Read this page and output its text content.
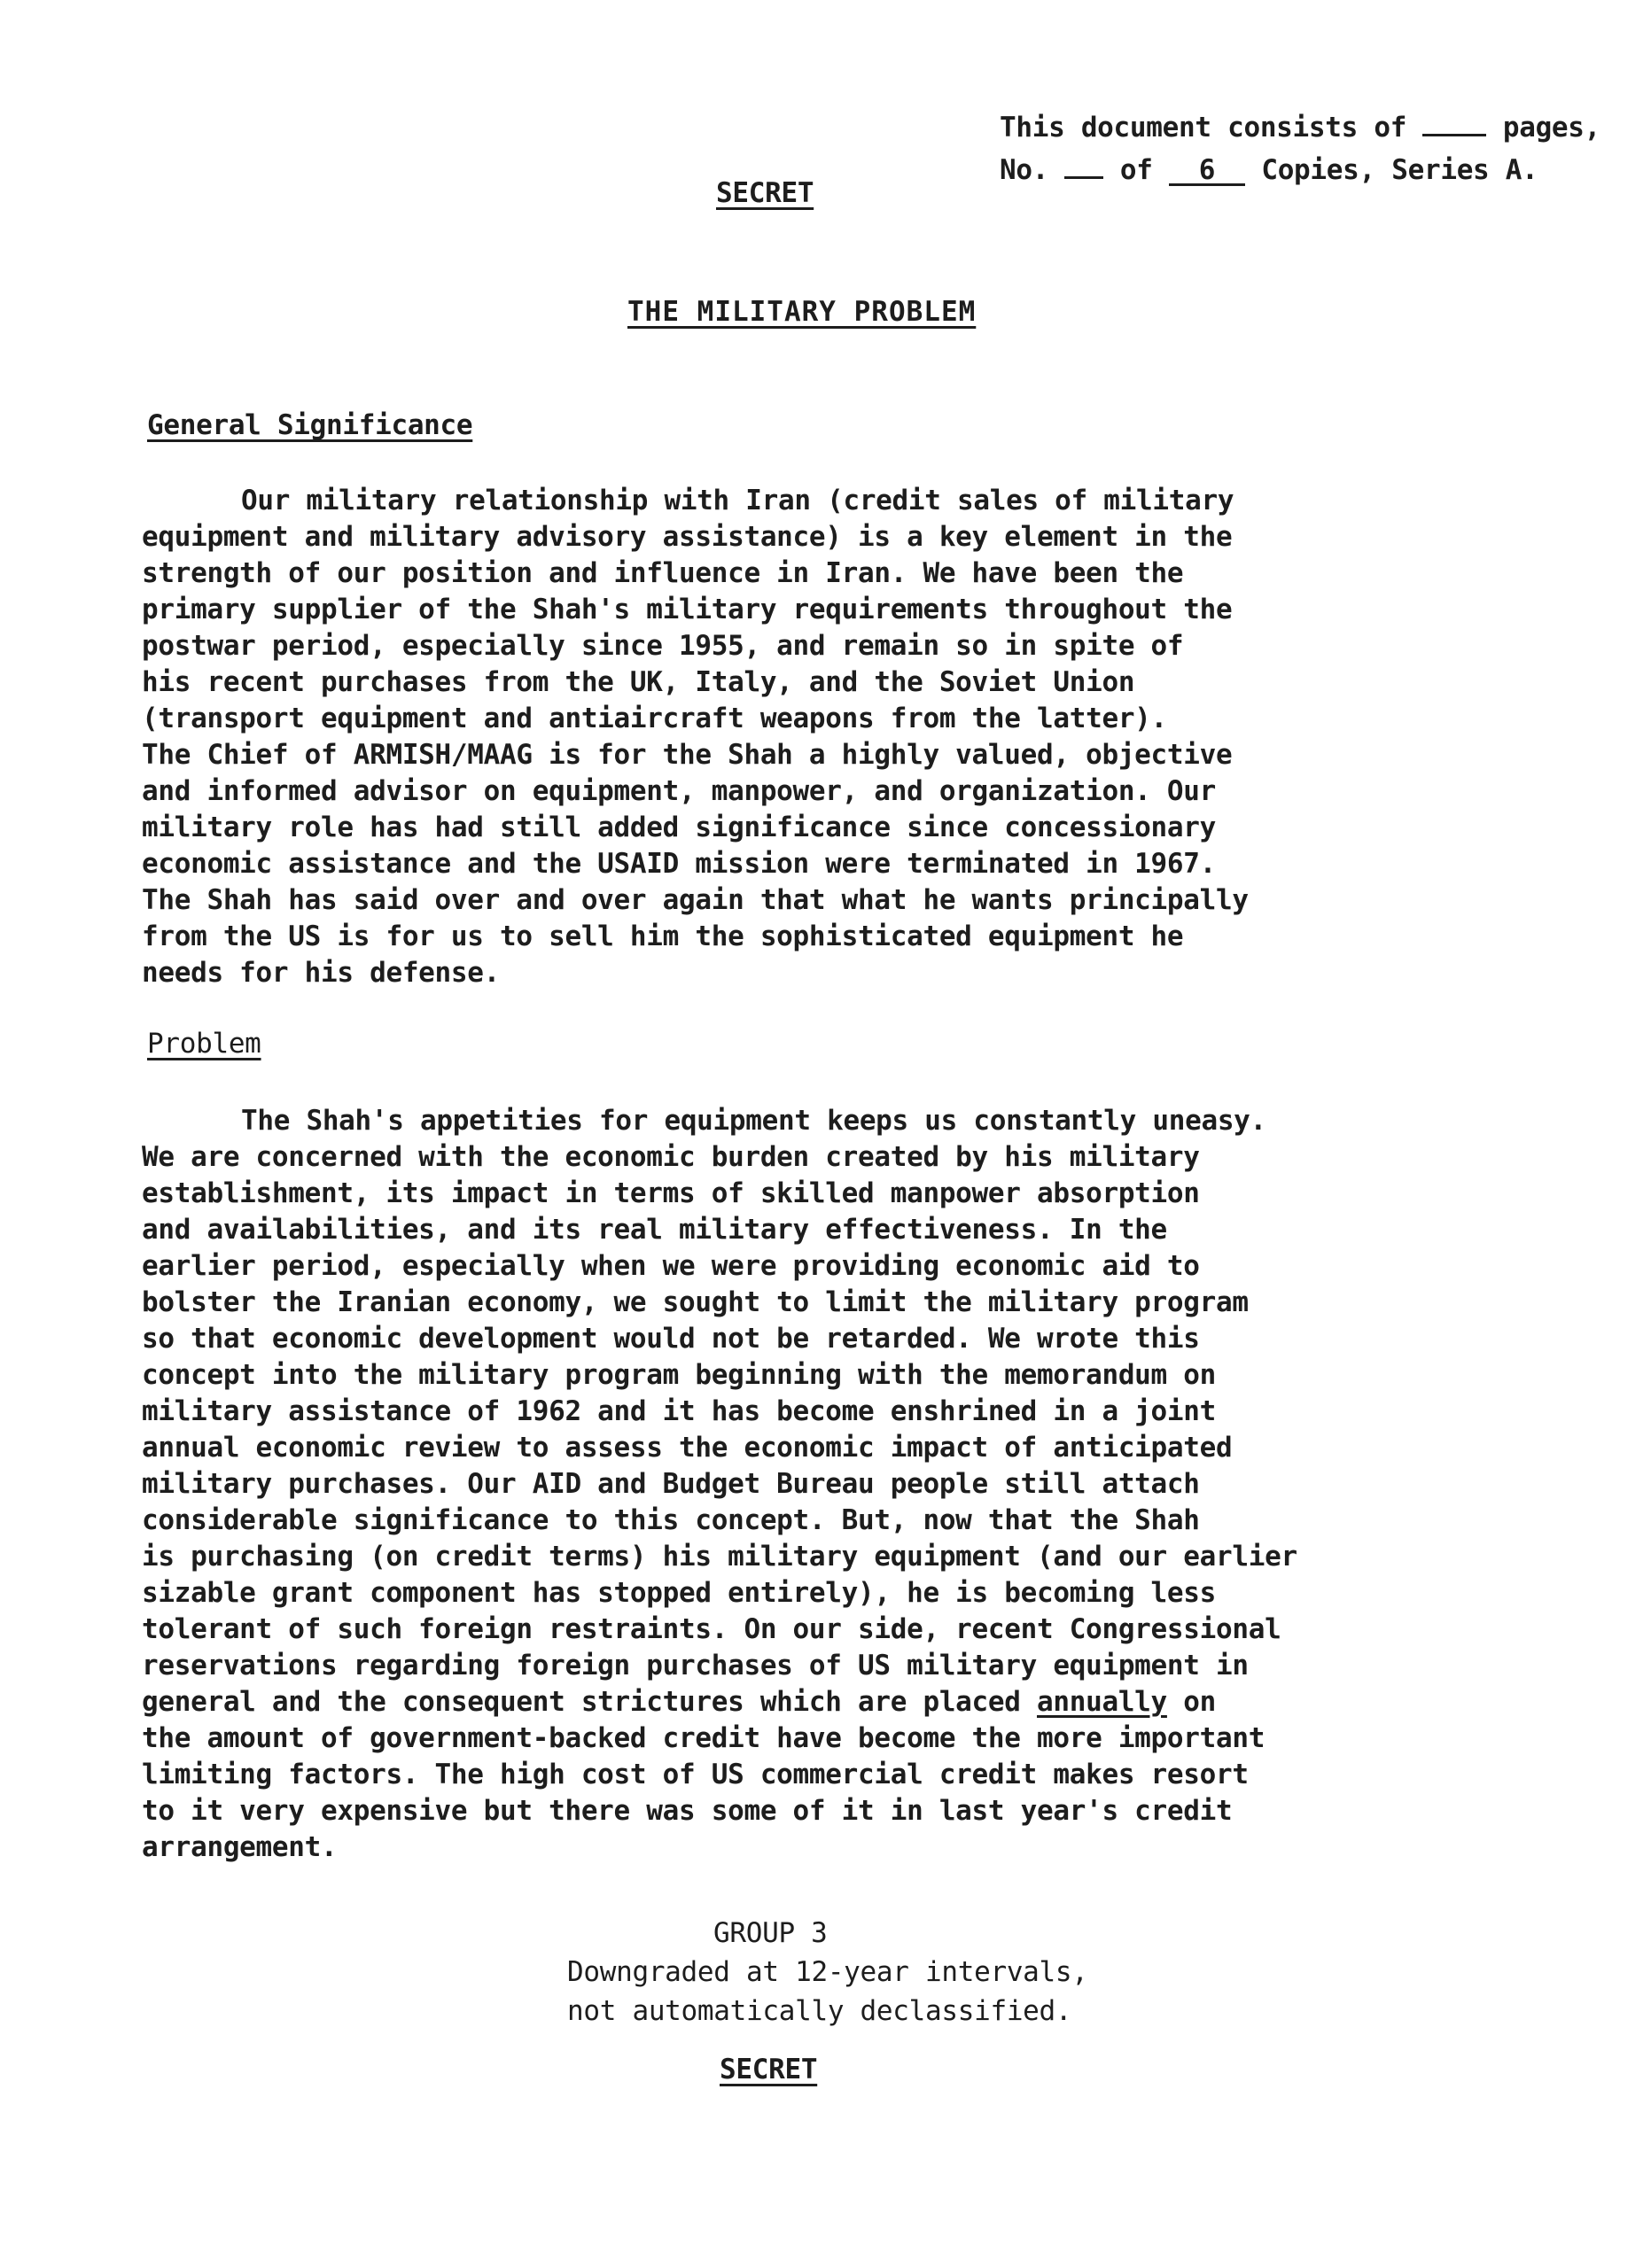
This document consists of	pages,
No.	of 6 Copies, Series A.
SECRET
THE MILITARY PROBLEM
General Significance

Our military relationship with Iran (credit sales of military
equipment and military advisory assistance) is a key element in the
strength of our position and influence in Iran. We have been the
primary supplier of the Shah's military requirements throughout the
postwar period, especially since 1955, and remain so in spite of
his recent purchases from the UK, Italy, and the Soviet Union
(transport equipment and antiaircraft weapons from the latter).
The Chief of ARMISH/MAAG is for the Shah a highly valued, objective
and informed advisor on equipment, manpower, and organization. Our
military role has had still added significance since concessionary
economic assistance and the USAID mission were terminated in 1967.
The Shah has said over and over again that what he wants principally
from the US is for us to sell him the sophisticated equipment he
needs for his defense.

Problem

The Shah's appetities for equipment keeps us constantly uneasy.
We are concerned with the economic burden created by his military
establishment, its impact in terms of skilled manpower absorption
and availabilities, and its real military effectiveness. In the
earlier period, especially when we were providing economic aid to
bolster the Iranian economy, we sought to limit the military program
so that economic development would not be retarded. We wrote this
concept into the military program beginning with the memorandum on
military assistance of 1962 and it has become enshrined in a joint
annual economic review to assess the economic impact of anticipated
military purchases. Our AID and Budget Bureau people still attach
considerable significance to this concept. But, now that the Shah
is purchasing (on credit terms) his military equipment (and our earlier
sizable grant component has stopped entirely), he is becoming less
tolerant of such foreign restraints. On our side, recent Congressional
reservations regarding foreign purchases of US military equipment in
general and the consequent strictures which are placed annually on
the amount of government-backed credit have become the more important
limiting factors. The high cost of US commercial credit makes resort
to it very expensive but there was some of it in last year's credit
arrangement.

GROUP 3
Downgraded at 12-year intervals,
not automatically declassified.
SECRET
